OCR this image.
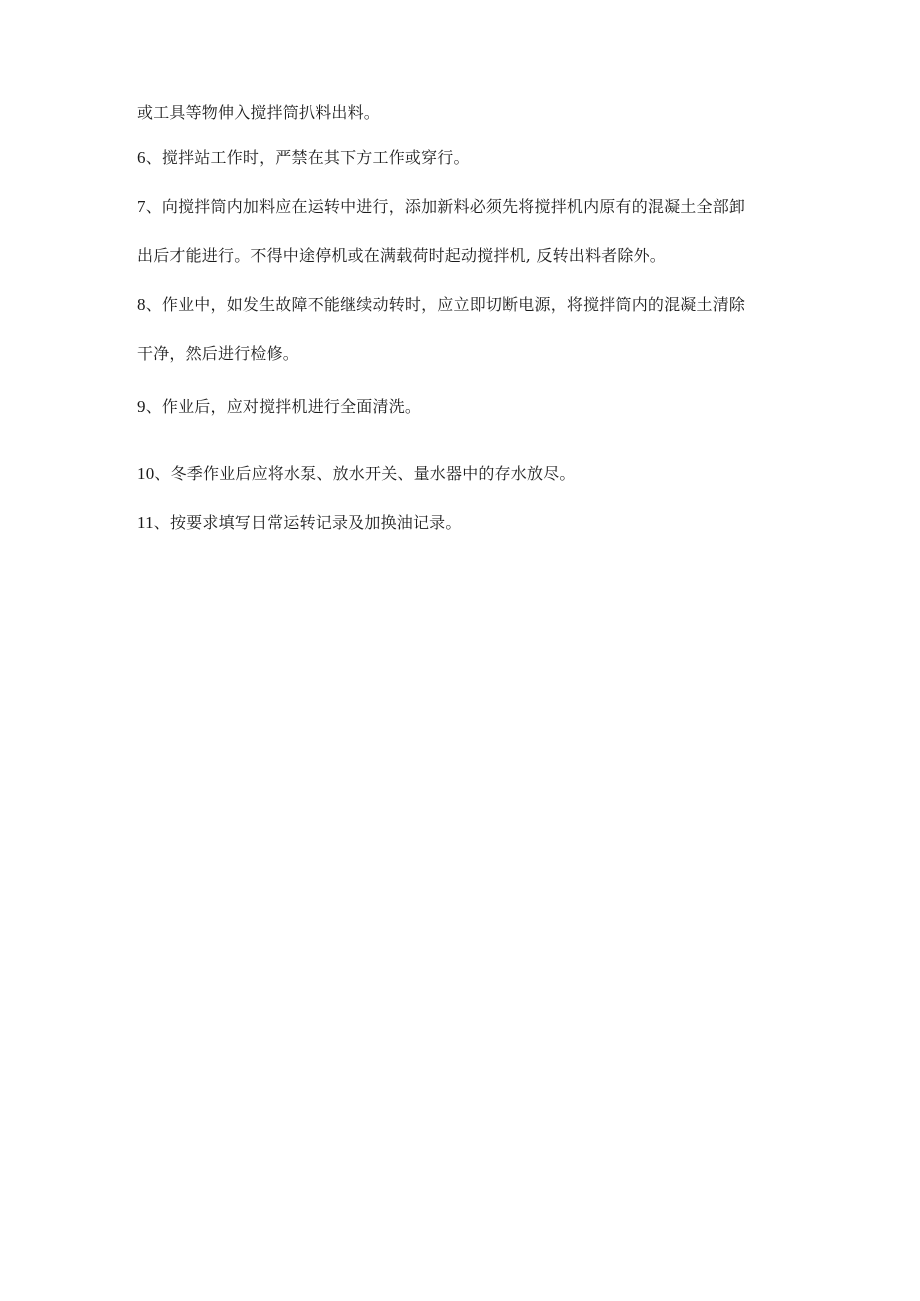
或工具等物伸入搅拌筒扒料出料。
6、搅拌站工作时，严禁在其下方工作或穿行。
7、向搅拌筒内加料应在运转中进行，添加新料必须先将搅拌机内原有的混凝土全部卸
出后才能进行。不得中途停机或在满载荷时起动搅拌机, 反转出料者除外。
8、作业中，如发生故障不能继续动转时，应立即切断电源，将搅拌筒内的混凝土清除
干净，然后进行检修。
9、作业后，应对搅拌机进行全面清洗。
10、冬季作业后应将水泵、放水开关、量水器中的存水放尽。
11、按要求填写日常运转记录及加换油记录。
